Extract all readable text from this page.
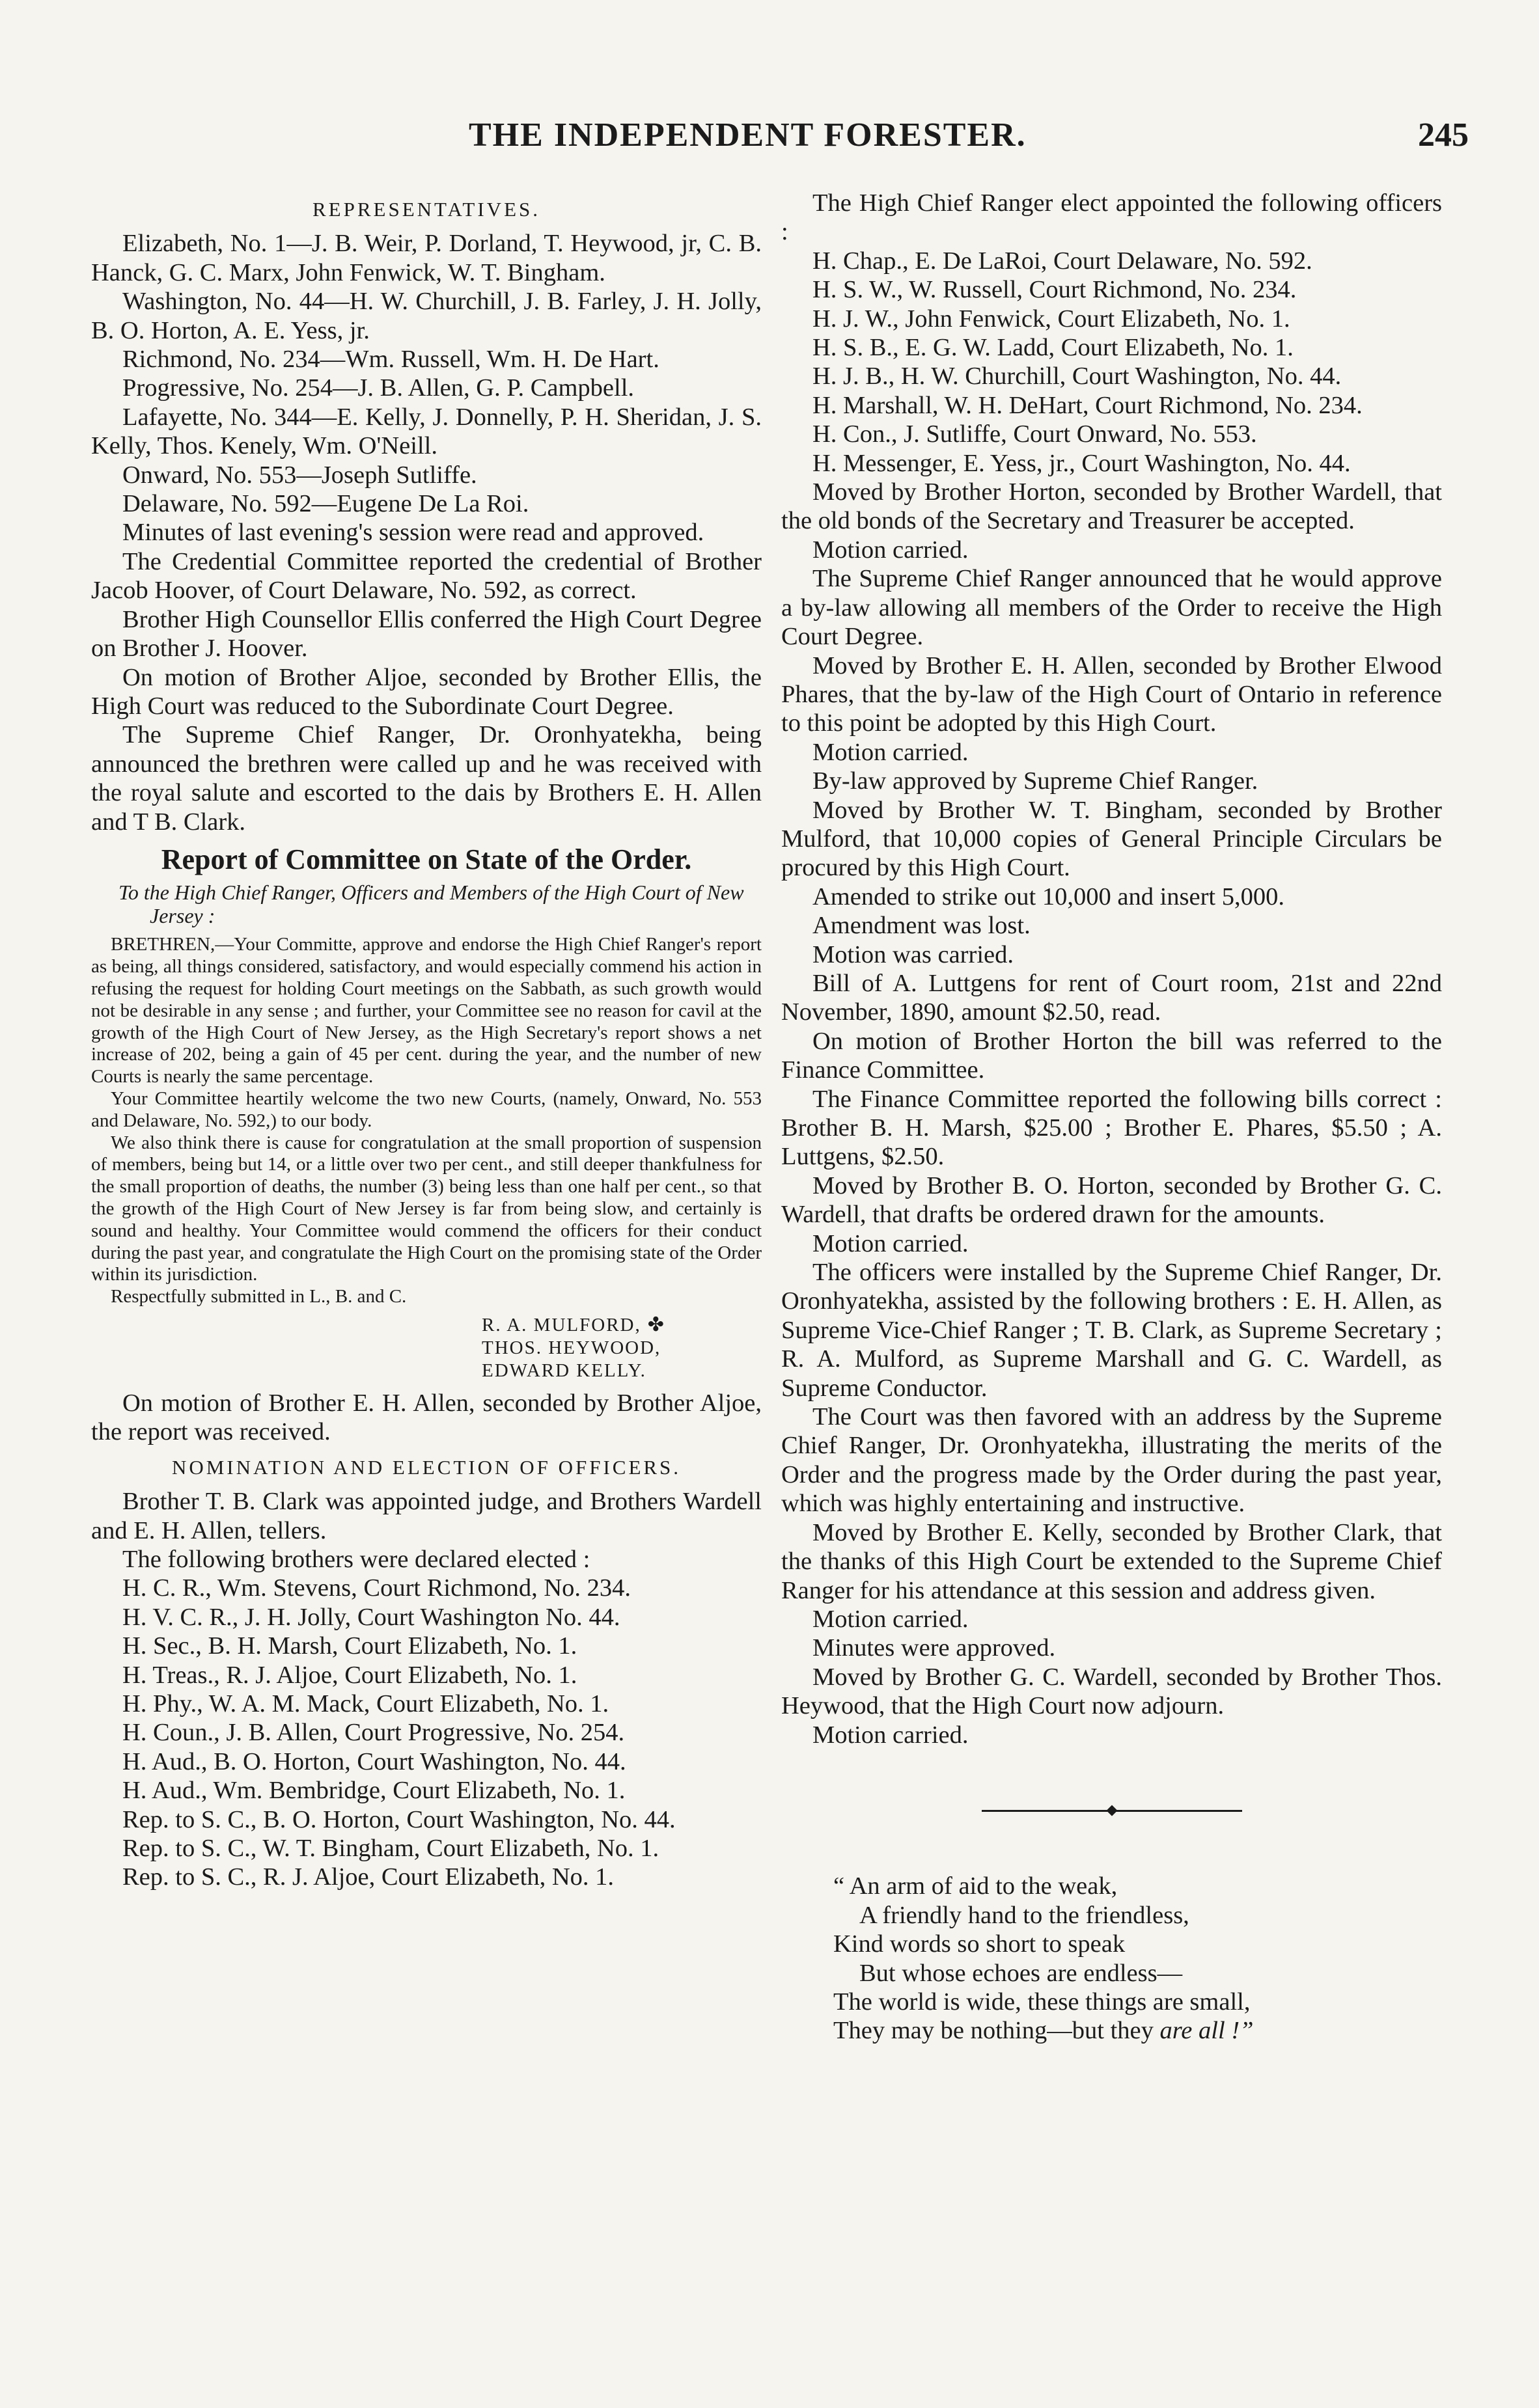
THE INDEPENDENT FORESTER.	245
REPRESENTATIVES.

Elizabeth, No. 1—J. B. Weir, P. Dorland, T. Heywood, jr, C. B. Hanck, G. C. Marx, John Fenwick, W. T. Bingham.

Washington, No. 44—H. W. Churchill, J. B. Farley, J. H. Jolly, B. O. Horton, A. E. Yess, jr.

Richmond, No. 234—Wm. Russell, Wm. H. De Hart.

Progressive, No. 254—J. B. Allen, G. P. Campbell.

Lafayette, No. 344—E. Kelly, J. Donnelly, P. H. Sheridan, J. S. Kelly, Thos. Kenely, Wm. O'Neill.

Onward, No. 553—Joseph Sutliffe.

Delaware, No. 592—Eugene De La Roi.

Minutes of last evening's session were read and approved.

The Credential Committee reported the credential of Brother Jacob Hoover, of Court Delaware, No. 592, as correct.

Brother High Counsellor Ellis conferred the High Court Degree on Brother J. Hoover.

On motion of Brother Aljoe, seconded by Brother Ellis, the High Court was reduced to the Subordinate Court Degree.

The Supreme Chief Ranger, Dr. Oronhyatekha, being announced the brethren were called up and he was received with the royal salute and escorted to the dais by Brothers E. H. Allen and T B. Clark.

Report of Committee on State of the Order.

To the High Chief Ranger, Officers and Members of the High Court of New Jersey :

BRETHREN,—Your Committe, approve and endorse the High Chief Ranger's report as being, all things considered, satisfactory, and would especially commend his action in refusing the request for holding Court meetings on the Sabbath, as such growth would not be desirable in any sense ; and further, your Committee see no reason for cavil at the growth of the High Court of New Jersey, as the High Secretary's report shows a net increase of 202, being a gain of 45 per cent. during the year, and the number of new Courts is nearly the same percentage.

Your Committee heartily welcome the two new Courts, (namely, Onward, No. 553 and Delaware, No. 592,) to our body.

We also think there is cause for congratulation at the small proportion of suspension of members, being but 14, or a little over two per cent., and still deeper thankfulness for the small proportion of deaths, the number (3) being less than one half per cent., so that the growth of the High Court of New Jersey is far from being slow, and certainly is sound and healthy. Your Committee would commend the officers for their conduct during the past year, and congratulate the High Court on the promising state of the Order within its jurisdiction.

Respectfully submitted in L., B. and C.

R. A. MULFORD, ✤
THOS. HEYWOOD,
EDWARD KELLY.

On motion of Brother E. H. Allen, seconded by Brother Aljoe, the report was received.

NOMINATION AND ELECTION OF OFFICERS.

Brother T. B. Clark was appointed judge, and Brothers Wardell and E. H. Allen, tellers.

The following brothers were declared elected :

H. C. R., Wm. Stevens, Court Richmond, No. 234.

H. V. C. R., J. H. Jolly, Court Washington No. 44.

H. Sec., B. H. Marsh, Court Elizabeth, No. 1.

H. Treas., R. J. Aljoe, Court Elizabeth, No. 1.

H. Phy., W. A. M. Mack, Court Elizabeth, No. 1.

H. Coun., J. B. Allen, Court Progressive, No. 254.

H. Aud., B. O. Horton, Court Washington, No. 44.

H. Aud., Wm. Bembridge, Court Elizabeth, No. 1.

Rep. to S. C., B. O. Horton, Court Washington, No. 44.

Rep. to S. C., W. T. Bingham, Court Elizabeth, No. 1.

Rep. to S. C., R. J. Aljoe, Court Elizabeth, No. 1.

The High Chief Ranger elect appointed the following officers :

H. Chap., E. De LaRoi, Court Delaware, No. 592.

H. S. W., W. Russell, Court Richmond, No. 234.

H. J. W., John Fenwick, Court Elizabeth, No. 1.

H. S. B., E. G. W. Ladd, Court Elizabeth, No. 1.

H. J. B., H. W. Churchill, Court Washington, No. 44.

H. Marshall, W. H. DeHart, Court Richmond, No. 234.

H. Con., J. Sutliffe, Court Onward, No. 553.

H. Messenger, E. Yess, jr., Court Washington, No. 44.

Moved by Brother Horton, seconded by Brother Wardell, that the old bonds of the Secretary and Treasurer be accepted.

Motion carried.

The Supreme Chief Ranger announced that he would approve a by-law allowing all members of the Order to receive the High Court Degree.

Moved by Brother E. H. Allen, seconded by Brother Elwood Phares, that the by-law of the High Court of Ontario in reference to this point be adopted by this High Court.

Motion carried.

By-law approved by Supreme Chief Ranger.

Moved by Brother W. T. Bingham, seconded by Brother Mulford, that 10,000 copies of General Principle Circulars be procured by this High Court.

Amended to strike out 10,000 and insert 5,000.

Amendment was lost.

Motion was carried.

Bill of A. Luttgens for rent of Court room, 21st and 22nd November, 1890, amount $2.50, read.

On motion of Brother Horton the bill was referred to the Finance Committee.

The Finance Committee reported the following bills correct : Brother B. H. Marsh, $25.00 ; Brother E. Phares, $5.50 ; A. Luttgens, $2.50.

Moved by Brother B. O. Horton, seconded by Brother G. C. Wardell, that drafts be ordered drawn for the amounts.

Motion carried.

The officers were installed by the Supreme Chief Ranger, Dr. Oronhyatekha, assisted by the following brothers : E. H. Allen, as Supreme Vice-Chief Ranger ; T. B. Clark, as Supreme Secretary ; R. A. Mulford, as Supreme Marshall and G. C. Wardell, as Supreme Conductor.

The Court was then favored with an address by the Supreme Chief Ranger, Dr. Oronhyatekha, illustrating the merits of the Order and the progress made by the Order during the past year, which was highly entertaining and instructive.

Moved by Brother E. Kelly, seconded by Brother Clark, that the thanks of this High Court be extended to the Supreme Chief Ranger for his attendance at this session and address given.

Motion carried.

Minutes were approved.

Moved by Brother G. C. Wardell, seconded by Brother Thos. Heywood, that the High Court now adjourn.

Motion carried.

“ An arm of aid to the weak,
A friendly hand to the friendless,
Kind words so short to speak
But whose echoes are endless—
The world is wide, these things are small,
They may be nothing—but they are all !”
